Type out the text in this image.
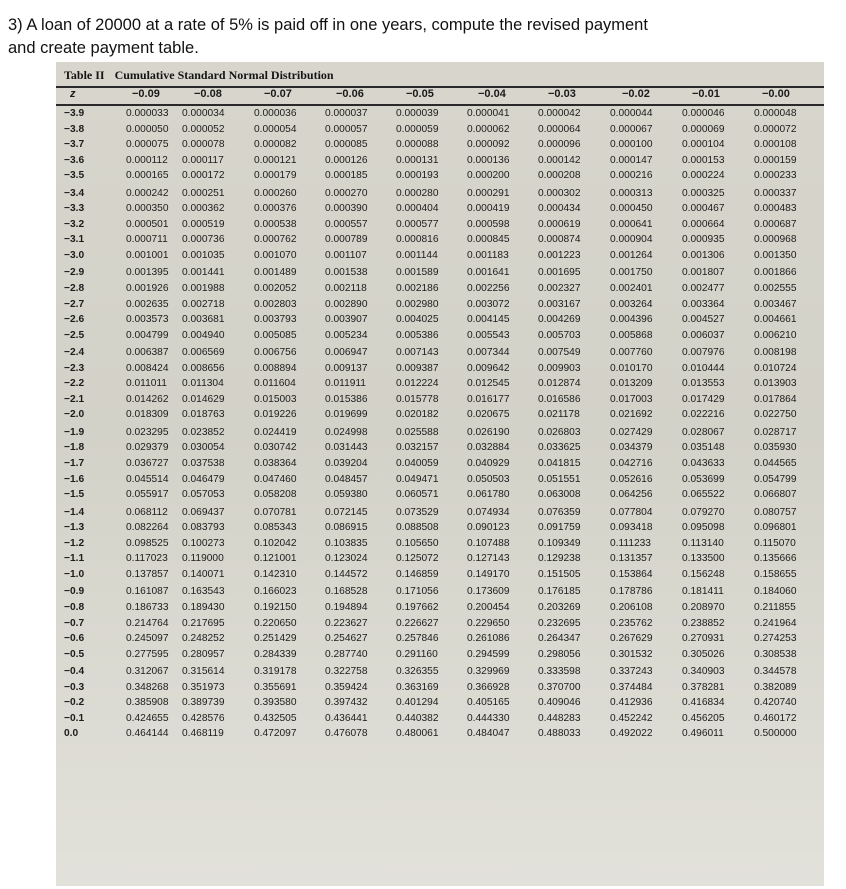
3) A loan of 20000 at a rate of 5% is paid off in one years, compute the revised payment
and create payment table.
Table II Cumulative Standard Normal Distribution
z	−0.09	−0.08	−0.07	−0.06	−0.05	−0.04	−0.03	−0.02	−0.01	−0.00
−3.9	0.000033 0.000034	0.000036	0.000037	0.000039	0.000041	0.000042	0.000044	0.000046	0.000048
−3.8	0.000050 0.000052	0.000054	0.000057	0.000059	0.000062	0.000064	0.000067	0.000069	0.000072
−3.7	0.000075 0.000078	0.000082	0.000085	0.000088	0.000092	0.000096	0.000100	0.000104	0.000108
−3.6	0.000112 0.000117	0.000121	0.000126	0.000131	0.000136	0.000142	0.000147	0.000153	0.000159
−3.5	0.000165 0.000172	0.000179	0.000185	0.000193	0.000200	0.000208	0.000216	0.000224	0.000233
−3.4	0.000242 0.000251	0.000260	0.000270	0.000280	0.000291	0.000302	0.000313	0.000325	0.000337
−3.3	0.000350 0.000362	0.000376	0.000390	0.000404	0.000419	0.000434	0.000450	0.000467	0.000483
−3.2	0.000501 0.000519	0.000538	0.000557	0.000577	0.000598	0.000619	0.000641	0.000664	0.000687
−3.1	0.000711 0.000736	0.000762	0.000789	0.000816	0.000845	0.000874	0.000904	0.000935	0.000968
−3.0	0.001001 0.001035	0.001070	0.001107	0.001144	0.001183	0.001223	0.001264	0.001306	0.001350
−2.9	0.001395 0.001441	0.001489	0.001538	0.001589	0.001641	0.001695	0.001750	0.001807	0.001866
−2.8	0.001926 0.001988	0.002052	0.002118	0.002186	0.002256	0.002327	0.002401	0.002477	0.002555
−2.7	0.002635 0.002718	0.002803	0.002890	0.002980	0.003072	0.003167	0.003264	0.003364	0.003467
−2.6	0.003573 0.003681	0.003793	0.003907	0.004025	0.004145	0.004269	0.004396	0.004527	0.004661
−2.5	0.004799 0.004940	0.005085	0.005234	0.005386	0.005543	0.005703	0.005868	0.006037	0.006210
−2.4	0.006387 0.006569	0.006756	0.006947	0.007143	0.007344	0.007549	0.007760	0.007976	0.008198
−2.3	0.008424 0.008656	0.008894	0.009137	0.009387	0.009642	0.009903	0.010170	0.010444	0.010724
−2.2	0.011011 0.011304	0.011604	0.011911	0.012224	0.012545	0.012874	0.013209	0.013553	0.013903
−2.1	0.014262 0.014629	0.015003	0.015386	0.015778	0.016177	0.016586	0.017003	0.017429	0.017864
−2.0	0.018309 0.018763	0.019226	0.019699	0.020182	0.020675	0.021178	0.021692	0.022216	0.022750
−1.9	0.023295 0.023852	0.024419	0.024998	0.025588	0.026190	0.026803	0.027429	0.028067	0.028717
−1.8	0.029379 0.030054	0.030742	0.031443	0.032157	0.032884	0.033625	0.034379	0.035148	0.035930
−1.7	0.036727 0.037538	0.038364	0.039204	0.040059	0.040929	0.041815	0.042716	0.043633	0.044565
−1.6	0.045514 0.046479	0.047460	0.048457	0.049471	0.050503	0.051551	0.052616	0.053699	0.054799
−1.5	0.055917 0.057053	0.058208	0.059380	0.060571	0.061780	0.063008	0.064256	0.065522	0.066807
−1.4	0.068112 0.069437	0.070781	0.072145	0.073529	0.074934	0.076359	0.077804	0.079270	0.080757
−1.3	0.082264 0.083793	0.085343	0.086915	0.088508	0.090123	0.091759	0.093418	0.095098	0.096801
−1.2	0.098525 0.100273	0.102042	0.103835	0.105650	0.107488	0.109349	0.111233	0.113140	0.115070
−1.1	0.117023 0.119000	0.121001	0.123024	0.125072	0.127143	0.129238	0.131357	0.133500	0.135666
−1.0	0.137857 0.140071	0.142310	0.144572	0.146859	0.149170	0.151505	0.153864	0.156248	0.158655
−0.9	0.161087 0.163543	0.166023	0.168528	0.171056	0.173609	0.176185	0.178786	0.181411	0.184060
−0.8	0.186733 0.189430	0.192150	0.194894	0.197662	0.200454	0.203269	0.206108	0.208970	0.211855
−0.7	0.214764 0.217695	0.220650	0.223627	0.226627	0.229650	0.232695	0.235762	0.238852	0.241964
−0.6	0.245097 0.248252	0.251429	0.254627	0.257846	0.261086	0.264347	0.267629	0.270931	0.274253
−0.5	0.277595 0.280957	0.284339	0.287740	0.291160	0.294599	0.298056	0.301532	0.305026	0.308538
−0.4	0.312067 0.315614	0.319178	0.322758	0.326355	0.329969	0.333598	0.337243	0.340903	0.344578
−0.3	0.348268 0.351973	0.355691	0.359424	0.363169	0.366928	0.370700	0.374484	0.378281	0.382089
−0.2	0.385908 0.389739	0.393580	0.397432	0.401294	0.405165	0.409046	0.412936	0.416834	0.420740
−0.1	0.424655 0.428576	0.432505	0.436441	0.440382	0.444330	0.448283	0.452242	0.456205	0.460172
0.0	0.464144 0.468119	0.472097	0.476078	0.480061	0.484047	0.488033	0.492022	0.496011	0.500000
